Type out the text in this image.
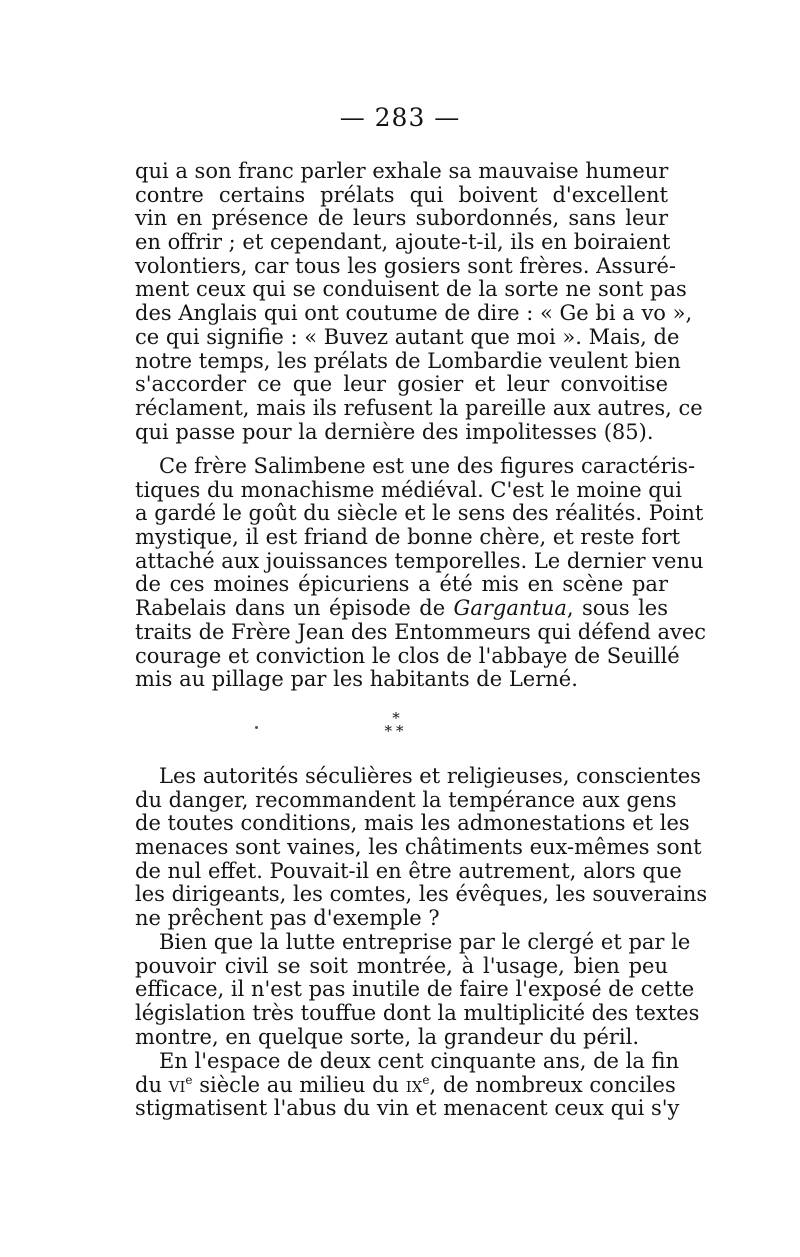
— 283 —
qui a son franc parler exhale sa mauvaise humeur
contre certains prélats qui boivent d'excellent
vin en présence de leurs subordonnés, sans leur
en offrir ; et cependant, ajoute-t-il, ils en boiraient
volontiers, car tous les gosiers sont frères. Assuré-
ment ceux qui se conduisent de la sorte ne sont pas
des Anglais qui ont coutume de dire : « Ge bi a vo »,
ce qui signifie : « Buvez autant que moi ». Mais, de
notre temps, les prélats de Lombardie veulent bien
s'accorder ce que leur gosier et leur convoitise
réclament, mais ils refusent la pareille aux autres, ce
qui passe pour la dernière des impolitesses (85).
Ce frère Salimbene est une des figures caractéris-
tiques du monachisme médiéval. C'est le moine qui
a gardé le goût du siècle et le sens des réalités. Point
mystique, il est friand de bonne chère, et reste fort
attaché aux jouissances temporelles. Le dernier venu
de ces moines épicuriens a été mis en scène par
Rabelais dans un épisode de Gargantua, sous les
traits de Frère Jean des Entommeurs qui défend avec
courage et conviction le clos de l'abbaye de Seuillé
mis au pillage par les habitants de Lerné.
*
**
Les autorités séculières et religieuses, conscientes
du danger, recommandent la tempérance aux gens
de toutes conditions, mais les admonestations et les
menaces sont vaines, les châtiments eux-mêmes sont
de nul effet. Pouvait-il en être autrement, alors que
les dirigeants, les comtes, les évêques, les souverains
ne prêchent pas d'exemple ?
Bien que la lutte entreprise par le clergé et par le
pouvoir civil se soit montrée, à l'usage, bien peu
efficace, il n'est pas inutile de faire l'exposé de cette
législation très touffue dont la multiplicité des textes
montre, en quelque sorte, la grandeur du péril.
En l'espace de deux cent cinquante ans, de la fin
du $vi^e$ siècle au milieu du $ix^e$, de nombreux conciles
stigmatisent l'abus du vin et menacent ceux qui s'y
